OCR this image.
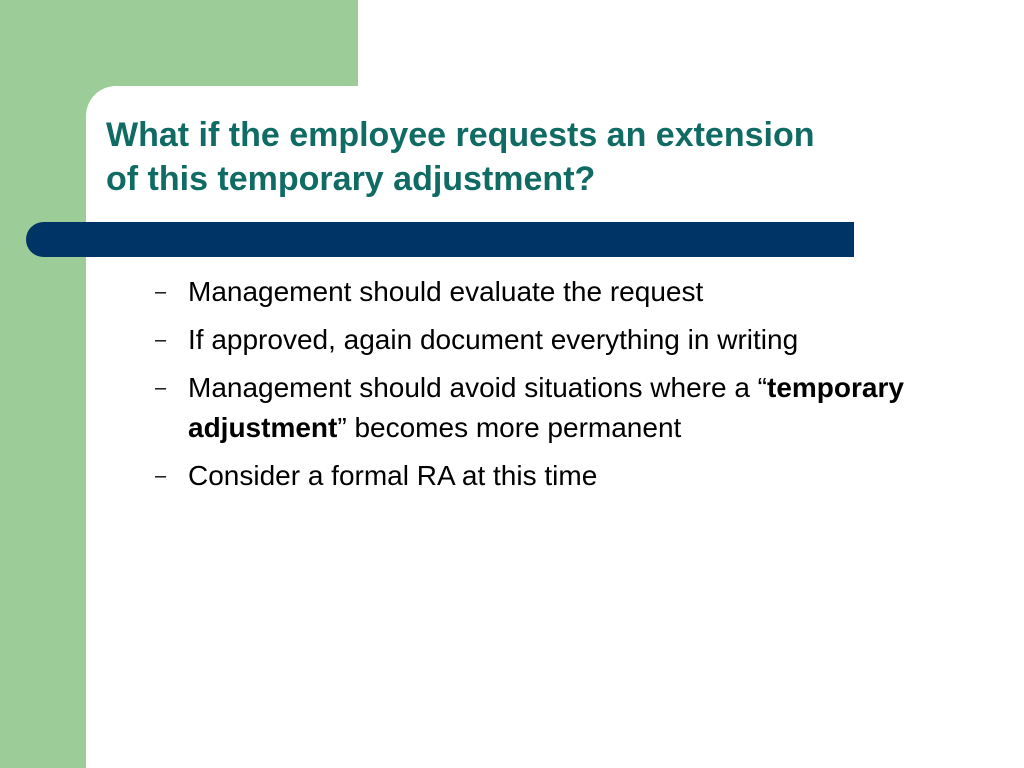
What if the employee requests an extension
of this temporary adjustment?
– Management should evaluate the request
– If approved, again document everything in writing
– Management should avoid situations where a “temporary adjustment” becomes more permanent
– Consider a formal RA at this time
